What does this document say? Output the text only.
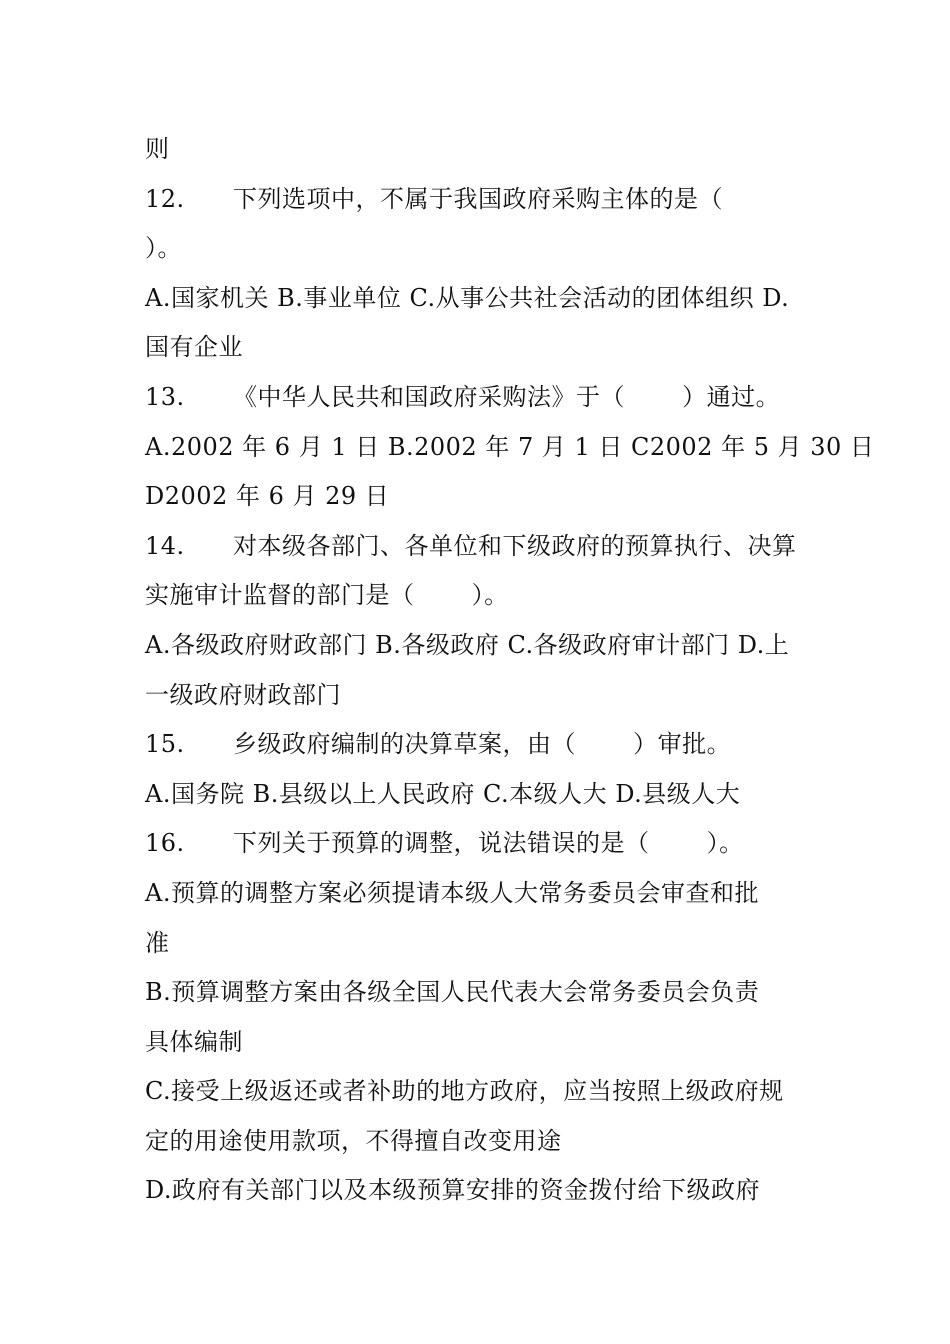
则
12. 下列选项中，不属于我国政府采购主体的是（
）。
A.国家机关 B.事业单位 C.从事公共社会活动的团体组织 D.
国有企业
13. 《中华人民共和国政府采购法》于（　　 ）通过。
A.2002 年 6 月 1 日 B.2002 年 7 月 1 日 C2002 年 5 月 30 日
D2002 年 6 月 29 日
14. 对本级各部门、各单位和下级政府的预算执行、决算
实施审计监督的部门是（　　 ）。
A.各级政府财政部门 B.各级政府 C.各级政府审计部门 D.上
一级政府财政部门
15. 乡级政府编制的决算草案，由（　　 ）审批。
A.国务院 B.县级以上人民政府 C.本级人大 D.县级人大
16. 下列关于预算的调整，说法错误的是（　　 ）。
A.预算的调整方案必须提请本级人大常务委员会审查和批
准
B.预算调整方案由各级全国人民代表大会常务委员会负责
具体编制
C.接受上级返还或者补助的地方政府，应当按照上级政府规
定的用途使用款项，不得擅自改变用途
D.政府有关部门以及本级预算安排的资金拨付给下级政府
